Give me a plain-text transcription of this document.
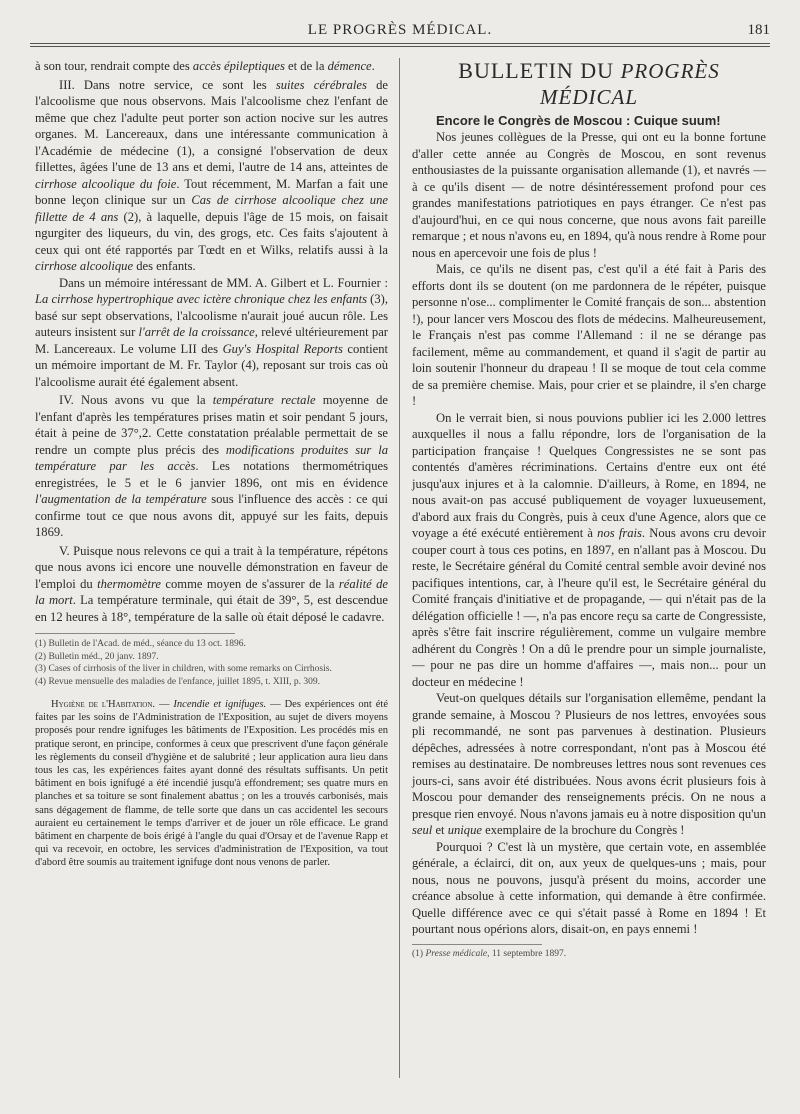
LE PROGRÈS MÉDICAL.	181

à son tour, rendrait compte des accès épileptiques et de la démence.

III. Dans notre service, ce sont les suites cérébrales de l'alcoolisme que nous observons. Mais l'alcoolisme chez l'enfant de même que chez l'adulte peut porter son action nocive sur les autres organes. M. Lancereaux, dans une intéressante communication à l'Académie de médecine (1), a consigné l'observation de deux fillettes, âgées l'une de 13 ans et demi, l'autre de 14 ans, atteintes de cirrhose alcoolique du foie. Tout récemment, M. Marfan a fait une bonne leçon clinique sur un Cas de cirrhose alcoolique chez une fillette de 4 ans (2), à laquelle, depuis l'âge de 15 mois, on faisait ngurgiter des liqueurs, du vin, des grogs, etc. Ces faits s'ajoutent à ceux qui ont été rapportés par Tœdt en et Wilks, relatifs aussi à la cirrhose alcoolique des enfants.

Dans un mémoire intéressant de MM. A. Gilbert et L. Fournier : La cirrhose hypertrophique avec ictère chronique chez les enfants (3), basé sur sept observations, l'alcoolisme n'aurait joué aucun rôle. Les auteurs insistent sur l'arrêt de la croissance, relevé ultérieurement par M. Lancereaux. Le volume LII des Guy's Hospital Reports contient un mémoire important de M. Fr. Taylor (4), reposant sur trois cas où l'alcoolisme aurait été également absent.

IV. Nous avons vu que la température rectale moyenne de l'enfant d'après les températures prises matin et soir pendant 5 jours, était à peine de 37°,2. Cette constatation préalable permettait de se rendre un compte plus précis des modifications produites sur la température par les accès. Les notations thermométriques enregistrées, le 5 et le 6 janvier 1896, ont mis en évidence l'augmentation de la température sous l'influence des accès : ce qui confirme tout ce que nous avons dit, appuyé sur les faits, depuis 1869.

V. Puisque nous relevons ce qui a trait à la température, répétons que nous avons ici encore une nouvelle démonstration en faveur de l'emploi du thermomètre comme moyen de s'assurer de la réalité de la mort. La température terminale, qui était de 39°, 5, est descendue en 12 heures à 18°, température de la salle où était déposé le cadavre.

(1) Bulletin de l'Acad. de méd., séance du 13 oct. 1896.

(2) Bulletin méd., 20 janv. 1897.

(3) Cases of cirrhosis of the liver in children, with some remarks on Cirrhosis.

(4) Revue mensuelle des maladies de l'enfance, juillet 1895, t. XIII, p. 309.

Hygiène de l'Habitation. — Incendie et ignifuges. — Des expériences ont été faites par les soins de l'Administration de l'Exposition, au sujet de divers moyens proposés pour rendre ignifuges les bâtiments de l'Exposition. Les procédés mis en pratique seront, en principe, conformes à ceux que prescrivent d'une façon générale les règlements du conseil d'hygiène et de salubrité ; leur application aura lieu dans tous les cas, les expériences faites ayant donné des résultats suffisants. Un petit bâtiment en bois ignifugé a été incendié jusqu'à effondrement; ses quatre murs en planches et sa toiture se sont finalement abattus ; on les a trouvés carbonisés, mais sans dégagement de flamme, de telle sorte que dans un cas accidentel les secours auraient eu certainement le temps d'arriver et de jouer un rôle efficace. Le grand bâtiment en charpente de bois érigé à l'angle du quai d'Orsay et de l'avenue Rapp et qui va recevoir, en octobre, les services d'administration de l'Exposition, va tout d'abord être soumis au traitement ignifuge dont nous venons de parler.

BULLETIN DU PROGRÈS MÉDICAL

Encore le Congrès de Moscou : Cuique suum!

Nos jeunes collègues de la Presse, qui ont eu la bonne fortune d'aller cette année au Congrès de Moscou, en sont revenus enthousiastes de la puissante organisation allemande (1), et navrés — à ce qu'ils disent — de notre désintéressement profond pour ces grandes manifestations patriotiques en pays étranger. Ce n'est pas d'aujourd'hui, en ce qui nous concerne, que nous avons fait pareille remarque ; et nous n'avons eu, en 1894, qu'à nous rendre à Rome pour nous en apercevoir une fois de plus !

Mais, ce qu'ils ne disent pas, c'est qu'il a été fait à Paris des efforts dont ils se doutent (on me pardonnera de le répéter, puisque personne n'ose... complimenter le Comité français de son... abstention !), pour lancer vers Moscou des flots de médecins. Malheureusement, le Français n'est pas comme l'Allemand : il ne se dérange pas facilement, même au commandement, et quand il s'agit de partir au loin soutenir l'honneur du drapeau ! Il se moque de tout cela comme de sa première chemise. Mais, pour crier et se plaindre, il s'en charge !

On le verrait bien, si nous pouvions publier ici les 2.000 lettres auxquelles il nous a fallu répondre, lors de l'organisation de la participation française ! Quelques Congressistes ne se sont pas contentés d'amères récriminations. Certains d'entre eux ont été jusqu'aux injures et à la calomnie. D'ailleurs, à Rome, en 1894, ne nous avait-on pas accusé publiquement de voyager luxueusement, d'abord aux frais du Congrès, puis à ceux d'une Agence, alors que ce voyage a été exécuté entièrement à nos frais. Nous avons cru devoir couper court à tous ces potins, en 1897, en n'allant pas à Moscou. Du reste, le Secrétaire général du Comité central semble avoir deviné nos pacifiques intentions, car, à l'heure qu'il est, le Secrétaire général du Comité français d'initiative et de propagande, — qui n'était pas de la délégation officielle ! —, n'a pas encore reçu sa carte de Congressiste, après s'être fait inscrire régulièrement, comme un vulgaire membre adhérent du Congrès ! On a dû le prendre pour un simple journaliste, — pour ne pas dire un homme d'affaires —, mais non... pour un docteur en médecine !

Veut-on quelques détails sur l'organisation ellemême, pendant la grande semaine, à Moscou ? Plusieurs de nos lettres, envoyées sous pli recommandé, ne sont pas parvenues à destination. Plusieurs dépêches, adressées à notre correspondant, n'ont pas à Moscou été remises au destinataire. De nombreuses lettres nous sont revenues ces jours-ci, sans avoir été distribuées. Nous avons écrit plusieurs fois à Moscou pour demander des renseignements précis. On ne nous a presque rien envoyé. Nous n'avons jamais eu à notre disposition qu'un seul et unique exemplaire de la brochure du Congrès !

Pourquoi ? C'est là un mystère, que certain vote, en assemblée générale, a éclairci, dit on, aux yeux de quelques-uns ; mais, pour nous, nous ne pouvons, jusqu'à présent du moins, accorder une créance absolue à cette information, qui demande à être confirmée. Quelle différence avec ce qui s'était passé à Rome en 1894 ! Et pourtant nous opérions alors, disait-on, en pays ennemi !

(1) Presse médicale, 11 septembre 1897.
